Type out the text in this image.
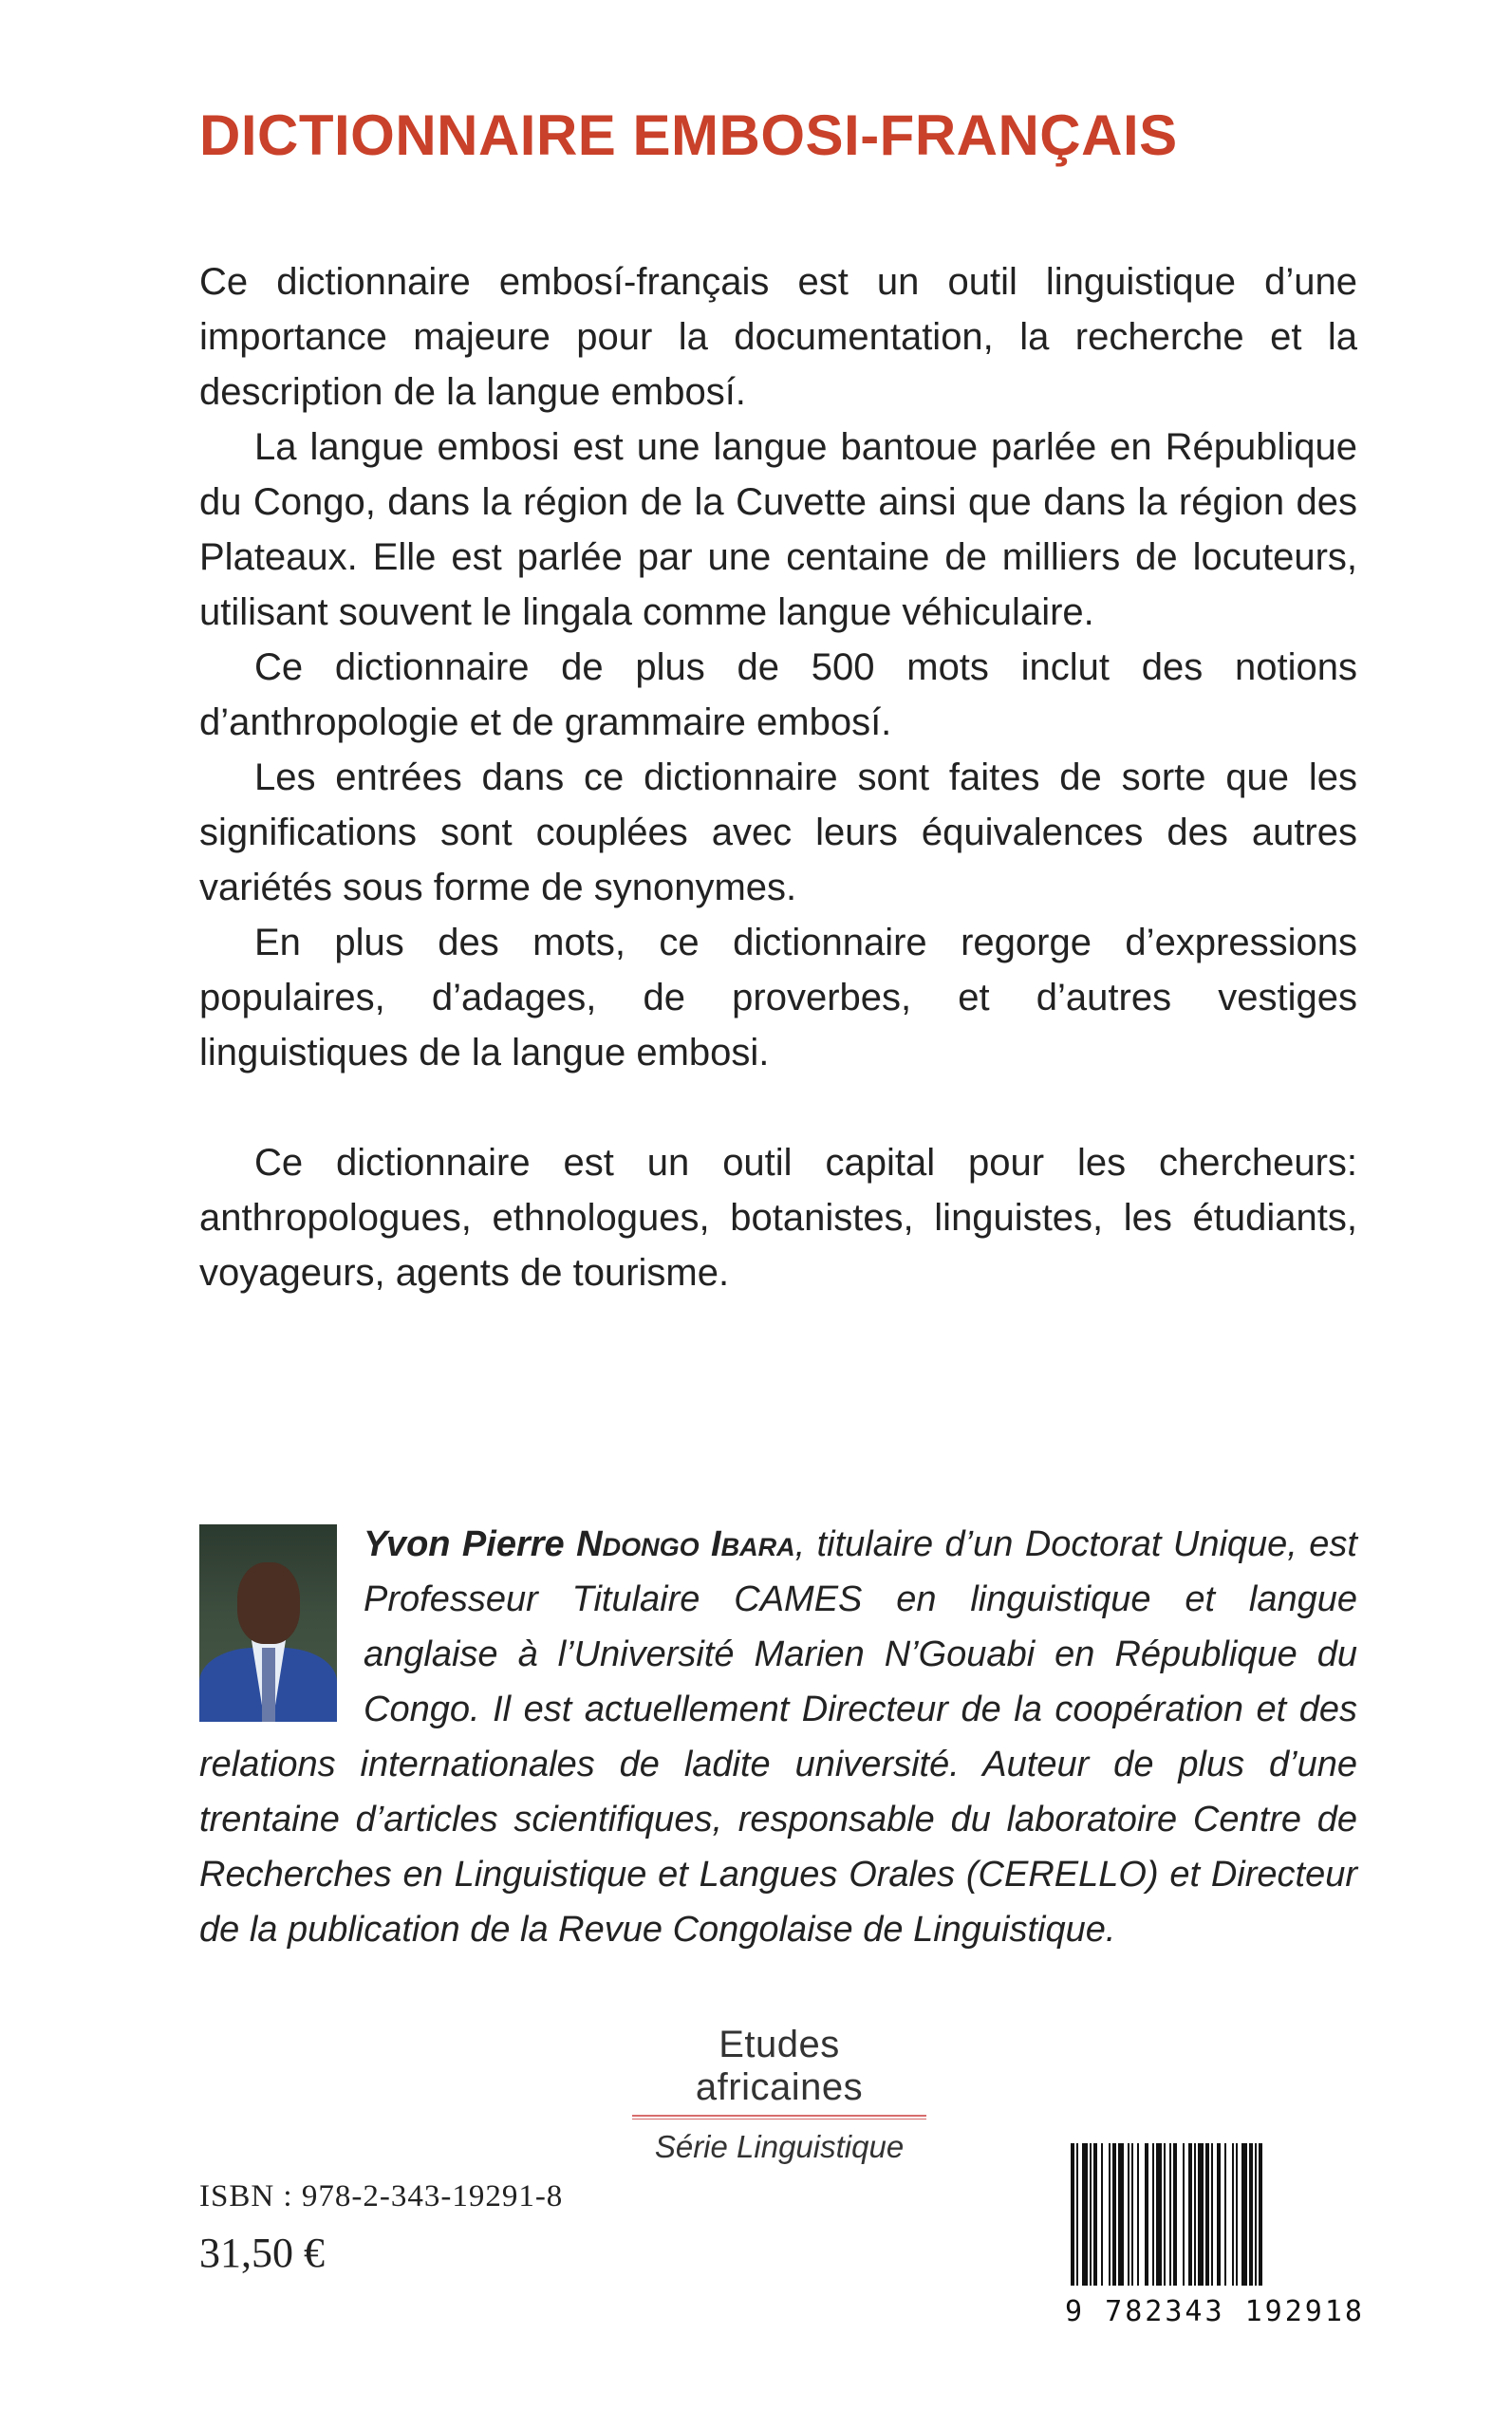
DICTIONNAIRE EMBOSI-FRANÇAIS

Ce dictionnaire embosí-français est un outil linguistique d’une importance majeure pour la documentation, la recherche et la description de la langue embosí.

La langue embosi est une langue bantoue parlée en République du Congo, dans la région de la Cuvette ainsi que dans la région des Plateaux. Elle est parlée par une centaine de milliers de locuteurs, utilisant souvent le lingala comme langue véhiculaire.

Ce dictionnaire de plus de 500 mots inclut des notions d’anthropologie et de grammaire embosí.

Les entrées dans ce dictionnaire sont faites de sorte que les significations sont couplées avec leurs équivalences des autres variétés sous forme de synonymes.

En plus des mots, ce dictionnaire regorge d’expressions populaires, d’adages, de proverbes, et d’autres vestiges linguistiques de la langue embosi.

Ce dictionnaire est un outil capital pour les chercheurs: anthropologues, ethnologues, botanistes, linguistes, les étudiants, voyageurs, agents de tourisme.

Yvon Pierre Ndongo Ibara, titulaire d’un Doctorat Unique, est Professeur Titulaire CAMES en linguistique et langue anglaise à l’Université Marien N’Gouabi en République du Congo. Il est actuellement Directeur de la coopération et des relations internationales de ladite université. Auteur de plus d’une trentaine d’articles scientifiques, responsable du laboratoire Centre de Recherches en Linguistique et Langues Orales (CERELLO) et Directeur de la publication de la Revue Congolaise de Linguistique.
Etudes africaines
Série Linguistique
ISBN : 978-2-343-19291-8
31,50 €
9 782343 192918
